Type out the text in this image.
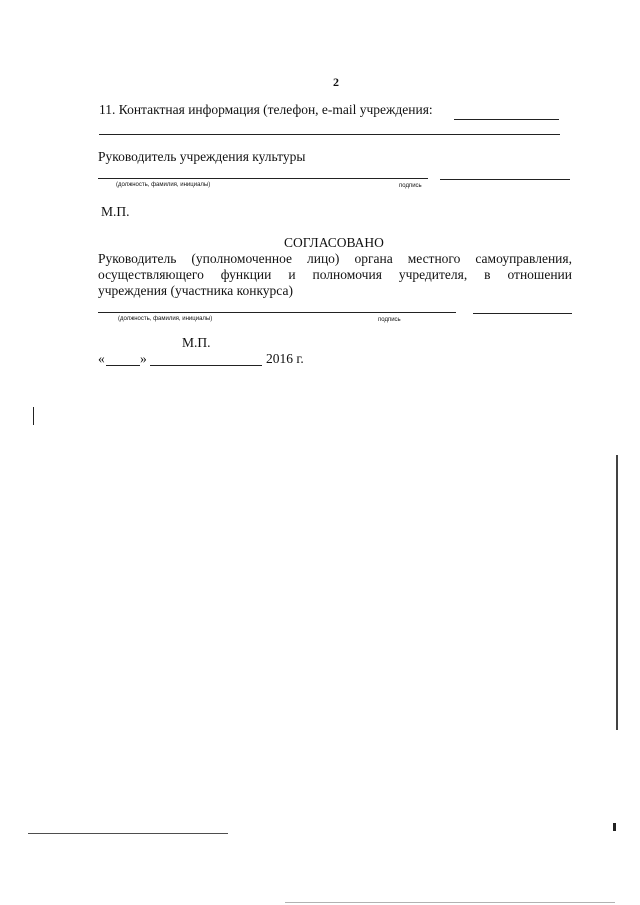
2
11. Контактная информация (телефон, e-mail учреждения:
Руководитель учреждения культуры
(должность, фамилия, инициалы)	подпись
М.П.
СОГЛАСОВАНО
Руководитель (уполномоченное лицо) органа местного самоуправления,
осуществляющего функции и полномочия учредителя, в отношении
учреждения (участника конкурса)
(должность, фамилия, инициалы)	подпись
М.П.
«	»	2016 г.
